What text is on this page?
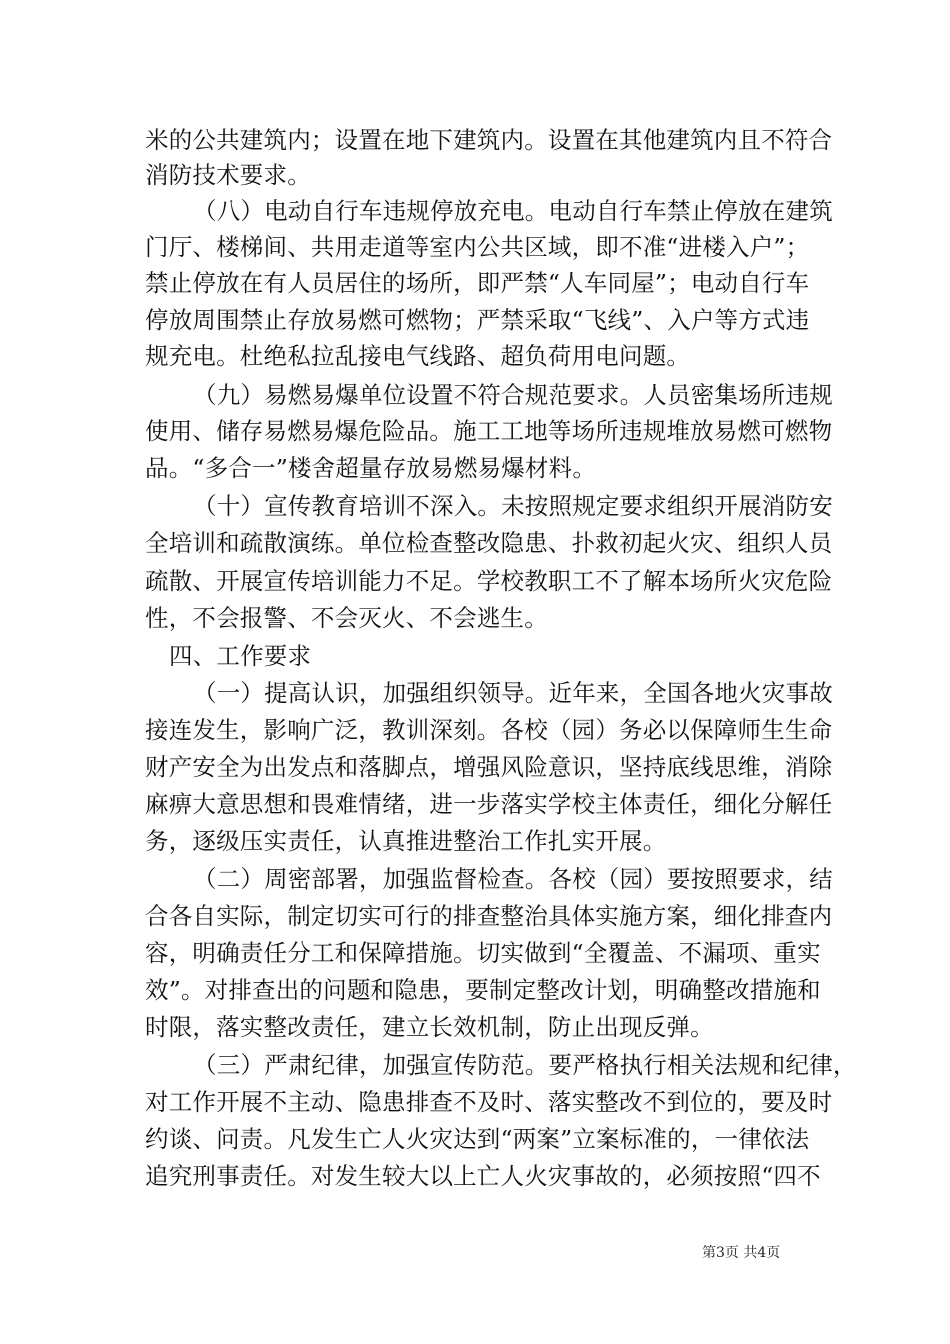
米的公共建筑内；设置在地下建筑内。设置在其他建筑内且不符合
消防技术要求。
（八）电动自行车违规停放充电。电动自行车禁止停放在建筑
门厅、楼梯间、共用走道等室内公共区域，即不准“进楼入户”；
禁止停放在有人员居住的场所，即严禁“人车同屋”；电动自行车
停放周围禁止存放易燃可燃物；严禁采取“飞线”、入户等方式违
规充电。杜绝私拉乱接电气线路、超负荷用电问题。
（九）易燃易爆单位设置不符合规范要求。人员密集场所违规
使用、储存易燃易爆危险品。施工工地等场所违规堆放易燃可燃物
品。“多合一”楼舍超量存放易燃易爆材料。
（十）宣传教育培训不深入。未按照规定要求组织开展消防安
全培训和疏散演练。单位检查整改隐患、扑救初起火灾、组织人员
疏散、开展宣传培训能力不足。学校教职工不了解本场所火灾危险
性，不会报警、不会灭火、不会逃生。
四、工作要求
（一）提高认识，加强组织领导。近年来，全国各地火灾事故
接连发生，影响广泛，教训深刻。各校（园）务必以保障师生生命
财产安全为出发点和落脚点，增强风险意识，坚持底线思维，消除
麻痹大意思想和畏难情绪，进一步落实学校主体责任，细化分解任
务，逐级压实责任，认真推进整治工作扎实开展。
（二）周密部署，加强监督检查。各校（园）要按照要求，结
合各自实际，制定切实可行的排查整治具体实施方案，细化排查内
容，明确责任分工和保障措施。切实做到“全覆盖、不漏项、重实
效”。对排查出的问题和隐患，要制定整改计划，明确整改措施和
时限，落实整改责任，建立长效机制，防止出现反弹。
（三）严肃纪律，加强宣传防范。要严格执行相关法规和纪律，
对工作开展不主动、隐患排查不及时、落实整改不到位的，要及时
约谈、问责。凡发生亡人火灾达到“两案”立案标准的，一律依法
追究刑事责任。对发生较大以上亡人火灾事故的，必须按照“四不
第3页 共4页
